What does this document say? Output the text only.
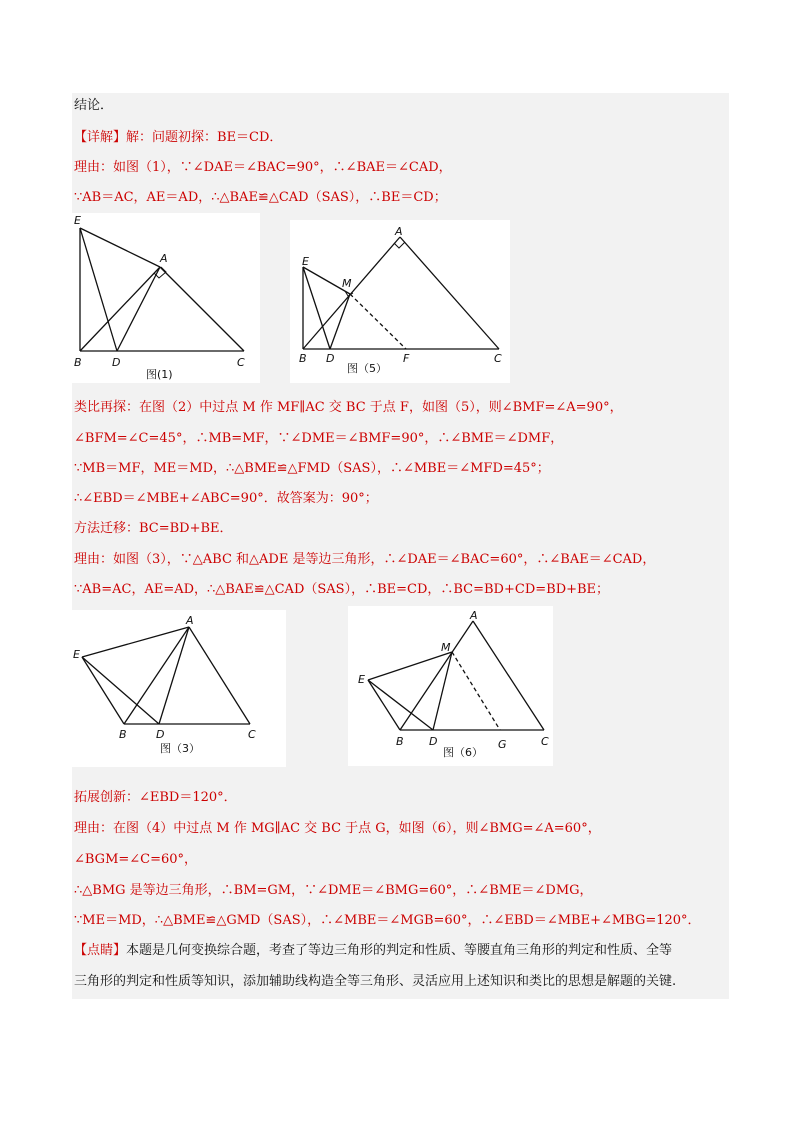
结论．
【详解】解：问题初探：BE＝CD．
理由：如图（1），∵∠DAE＝∠BAC=90°，∴∠BAE＝∠CAD，
∵AB＝AC，AE＝AD，∴△BAE≌△CAD（SAS），∴BE＝CD；
E
A
B	D	C
图(1)
A
E
M
B D	F	C
图（5）
类比再探：在图（2）中过点 M 作 MF∥AC 交 BC 于点 F，如图（5），则∠BMF=∠A=90°，
∠BFM=∠C=45°，∴MB=MF，∵∠DME＝∠BMF=90°，∴∠BME＝∠DMF，
∵MB＝MF，ME＝MD，∴△BME≌△FMD（SAS），∴∠MBE＝∠MFD=45°；
∴∠EBD＝∠MBE+∠ABC=90°．故答案为：90°；
方法迁移：BC=BD+BE．
理由：如图（3），∵△ABC 和△ADE 是等边三角形，∴∠DAE＝∠BAC=60°，∴∠BAE＝∠CAD，
∵AB=AC，AE=AD，∴△BAE≌△CAD（SAS），∴BE=CD，∴BC=BD+CD=BD+BE；
A
E
B	D	C
图（3）
A
M
E
B D	G	C
图（6）
拓展创新：∠EBD＝120°．
理由：在图（4）中过点 M 作 MG∥AC 交 BC 于点 G，如图（6），则∠BMG=∠A=60°，
∠BGM=∠C=60°，
∴△BMG 是等边三角形，∴BM=GM，∵∠DME＝∠BMG=60°，∴∠BME＝∠DMG，
∵ME＝MD，∴△BME≌△GMD（SAS），∴∠MBE＝∠MGB=60°，∴∠EBD＝∠MBE+∠MBG=120°．
【点睛】本题是几何变换综合题，考查了等边三角形的判定和性质、等腰直角三角形的判定和性质、全等
三角形的判定和性质等知识，添加辅助线构造全等三角形、灵活应用上述知识和类比的思想是解题的关键.
